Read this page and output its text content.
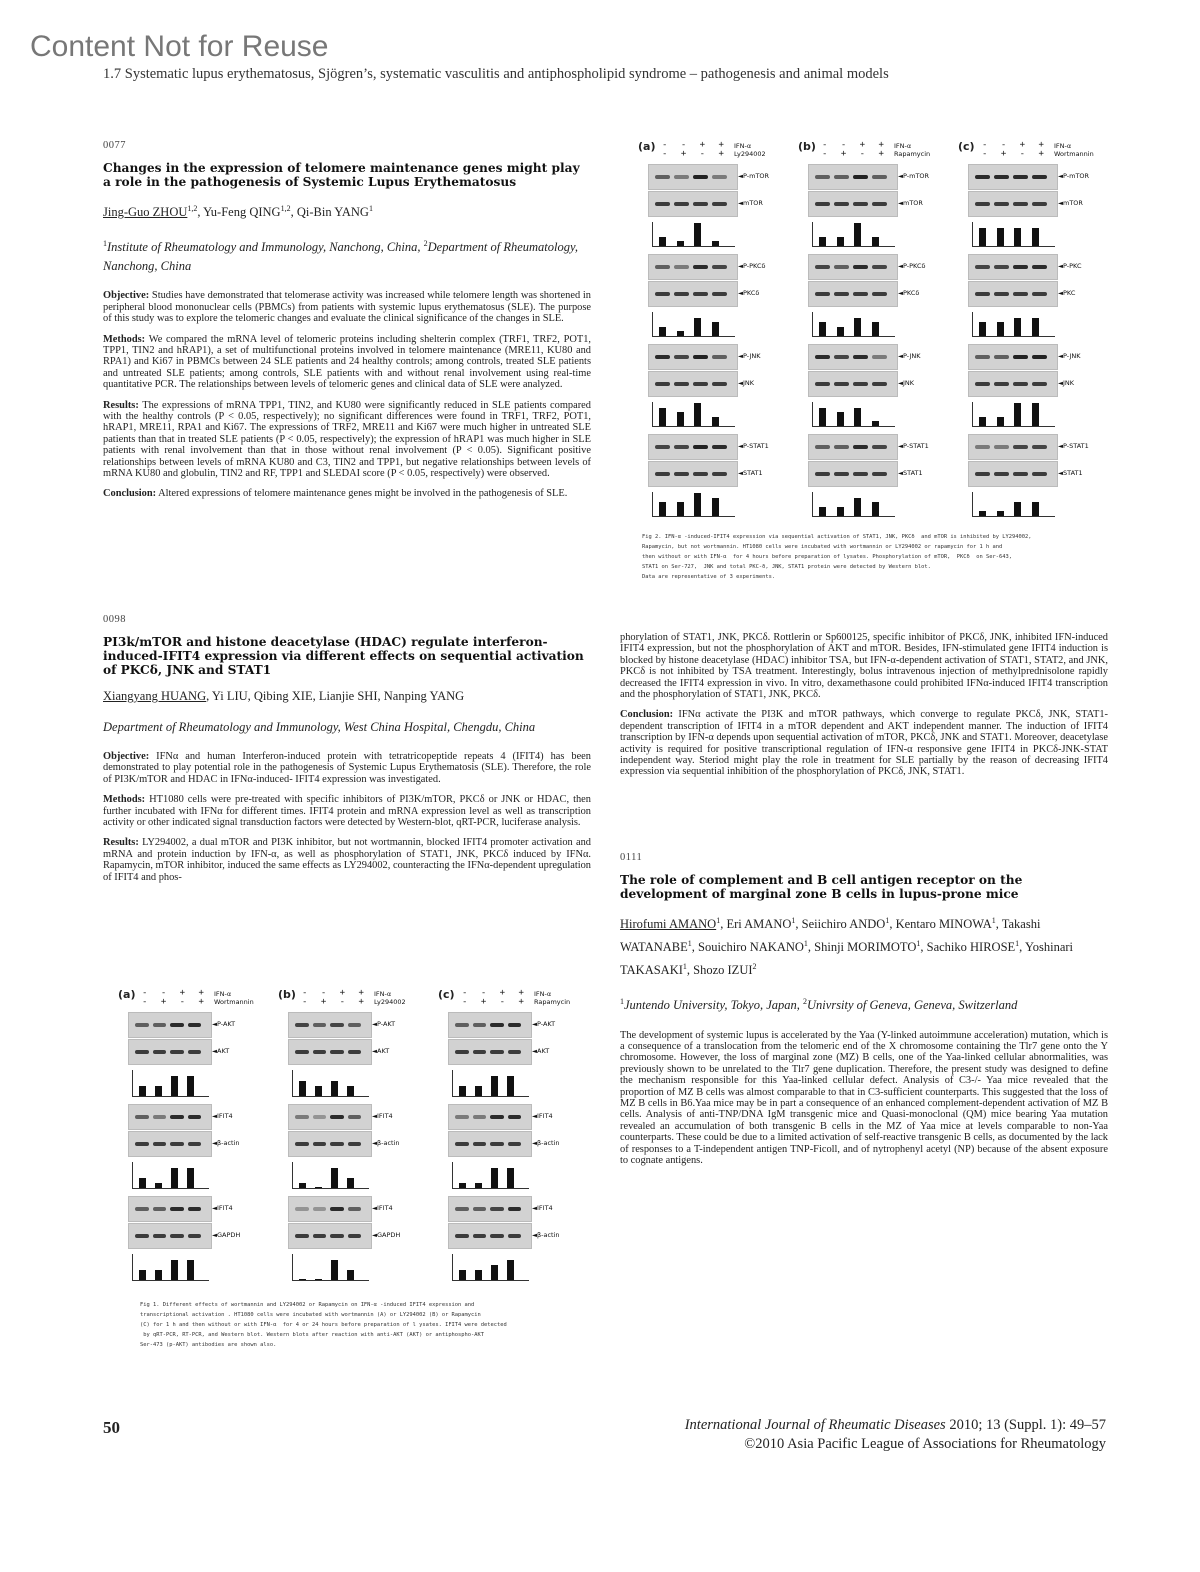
Content Not for Reuse
1.7 Systematic lupus erythematosus, Sjögren’s, systematic vasculitis and antiphospholipid syndrome – pathogenesis and animal models
0077
Changes in the expression of telomere maintenance genes might play a role in the pathogenesis of Systemic Lupus Erythematosus
Jing-Guo ZHOU$^{1,2}$, Yu-Feng QING$^{1,2}$, Qi-Bin YANG$^1$
$^1$Institute of Rheumatology and Immunology, Nanchong, China, $^2$Department of Rheumatology, Nanchong, China

Objective: Studies have demonstrated that telomerase activity was increased while telomere length was shortened in peripheral blood mononuclear cells (PBMCs) from patients with systemic lupus erythematosus (SLE). The purpose of this study was to explore the telomeric changes and evaluate the clinical significance of the changes in SLE.

Methods: We compared the mRNA level of telomeric proteins including shelterin complex (TRF1, TRF2, POT1, TPP1, TIN2 and hRAP1), a set of multifunctional proteins involved in telomere maintenance (MRE11, KU80 and RPA1) and Ki67 in PBMCs between 24 SLE patients and 24 healthy controls; among controls, treated SLE patients and untreated SLE patients; among controls, SLE patients with and without renal involvement using real-time quantitative PCR. The relationships between levels of telomeric genes and clinical data of SLE were analyzed.

Results: The expressions of mRNA TPP1, TIN2, and KU80 were significantly reduced in SLE patients compared with the healthy controls (P < 0.05, respectively); no significant differences were found in TRF1, TRF2, POT1, hRAP1, MRE11, RPA1 and Ki67. The expressions of TRF2, MRE11 and Ki67 were much higher in untreated SLE patients than that in treated SLE patients (P < 0.05, respectively); the expression of hRAP1 was much higher in SLE patients with renal involvement than that in those without renal involvement (P < 0.05). Significant positive relationships between levels of mRNA KU80 and C3, TIN2 and TPP1, but negative relationships between levels of mRNA KU80 and globulin, TIN2 and RF, TPP1 and SLEDAI score (P < 0.05, respectively) were observed.

Conclusion: Altered expressions of telomere maintenance genes might be involved in the pathogenesis of SLE.

0098
PI3k/mTOR and histone deacetylase (HDAC) regulate interferon-induced-IFIT4 expression via different effects on sequential activation of PKCδ, JNK and STAT1
Xiangyang HUANG, Yi LIU, Qibing XIE, Lianjie SHI, Nanping YANG
Department of Rheumatology and Immunology, West China Hospital, Chengdu, China

Objective: IFNα and human Interferon-induced protein with tetratricopeptide repeats 4 (IFIT4) has been demonstrated to play potential role in the pathogenesis of Systemic Lupus Erythematosis (SLE). Therefore, the role of PI3K/mTOR and HDAC in IFNα-induced- IFIT4 expression was investigated.

Methods: HT1080 cells were pre-treated with specific inhibitors of PI3K/mTOR, PKCδ or JNK or HDAC, then further incubated with IFNα for different times. IFIT4 protein and mRNA expression level as well as transcription activity or other indicated signal transduction factors were detected by Western-blot, qRT-PCR, luciferase analysis.

Results: LY294002, a dual mTOR and PI3K inhibitor, but not wortmannin, blocked IFIT4 promoter activation and mRNA and protein induction by IFN-α, as well as phosphorylation of STAT1, JNK, PKCδ induced by IFNα. Rapamycin, mTOR inhibitor, induced the same effects as LY294002, counteracting the IFNα-dependent upregulation of IFIT4 and phos-

phorylation of STAT1, JNK, PKCδ. Rottlerin or Sp600125, specific inhibitor of PKCδ, JNK, inhibited IFN-induced IFIT4 expression, but not the phosphorylation of AKT and mTOR. Besides, IFN-stimulated gene IFIT4 induction is blocked by histone deacetylase (HDAC) inhibitor TSA, but IFN-α-dependent activation of STAT1, STAT2, and JNK, PKCδ is not inhibited by TSA treatment. Interestingly, bolus intravenous injection of methylprednisolone rapidly decreased the IFIT4 expression in vivo. In vitro, dexamethasone could prohibited IFNα-induced IFIT4 transcription and the phosphorylation of STAT1, JNK, PKCδ.

Conclusion: IFNα activate the PI3K and mTOR pathways, which converge to regulate PKCδ, JNK, STAT1-dependent transcription of IFIT4 in a mTOR dependent and AKT independent manner. The induction of IFIT4 transcription by IFN-α depends upon sequential activation of mTOR, PKCδ, JNK and STAT1. Moreover, deacetylase activity is required for positive transcriptional regulation of IFN-α responsive gene IFIT4 in PKCδ-JNK-STAT independent way. Steriod might play the role in treatment for SLE partially by the reason of decreasing IFIT4 expression via sequential inhibition of the phosphorylation of PKCδ, JNK, STAT1.

0111
The role of complement and B cell antigen receptor on the development of marginal zone B cells in lupus-prone mice
Hirofumi AMANO$^1$, Eri AMANO$^1$, Seiichiro ANDO$^1$, Kentaro MINOWA$^1$, Takashi WATANABE$^1$, Souichiro NAKANO$^1$, Shinji MORIMOTO$^1$, Sachiko HIROSE$^1$, Yoshinari TAKASAKI$^1$, Shozo IZUI$^2$
$^1$Juntendo University, Tokyo, Japan, $^2$Univrsity of Geneva, Geneva, Switzerland

The development of systemic lupus is accelerated by the Yaa (Y-linked autoimmune acceleration) mutation, which is a consequence of a translocation from the telomeric end of the X chromosome containing the Tlr7 gene onto the Y chromosome. However, the loss of marginal zone (MZ) B cells, one of the Yaa-linked cellular abnormalities, was previously shown to be unrelated to the Tlr7 gene duplication. Therefore, the present study was designed to define the mechanism responsible for this Yaa-linked cellular defect. Analysis of C3-/- Yaa mice revealed that the proportion of MZ B cells was almost comparable to that in C3-sufficient counterparts. This suggested that the loss of MZ B cells in B6.Yaa mice may be in part a consequence of an enhanced complement-dependent activation of MZ B cells. Analysis of anti-TNP/DNA IgM transgenic mice and Quasi-monoclonal (QM) mice bearing Yaa mutation revealed an accumulation of both transgenic B cells in the MZ of Yaa mice at levels comparable to non-Yaa counterparts. These could be due to a limited activation of self-reactive transgenic B cells, as documented by the lack of responses to a T-independent antigen TNP-Ficoll, and of nytrophenyl acetyl (NP) because of the absent exposure to cognate antigens.

(a) - - + +
- + - +
IFN-α
Ly294002
◄P-mTOR
◄mTOR
◄P-PKCδ
◄PKCδ
◄P-JNK
◄JNK
◄P-STAT1
◄STAT1
(b) - - + +
- + - +
IFN-α
Rapamycin
◄P-mTOR
◄mTOR
◄P-PKCδ
◄PKCδ
◄P-JNK
◄JNK
◄P-STAT1
◄STAT1
(c) - - + +
- + - +
IFN-α
Wortmannin
◄P-mTOR
◄mTOR
◄P-PKC
◄PKC
◄P-JNK
◄JNK
◄P-STAT1
◄STAT1
Fig 2. IFN-α -induced-IFIT4 expression via sequential activation of STAT1, JNK, PKCδ  and mTOR is inhibited by LY294002,
Rapamycin, but not wortmannin. HT1080 cells were incubated with wortmannin or LY294002 or rapamycin for 1 h and
then without or with IFN-α  for 4 hours before preparation of lysates. Phosphorylation of mTOR,  PKCδ  on Ser-643,
STAT1 on Ser-727,  JNK and total PKC-δ, JNK, STAT1 protein were detected by Western blot.
Data are representative of 3 experiments.
(a) - - + +
- + - +
IFN-α
Wortmannin
◄P-AKT
◄AKT
◄IFIT4
◄β-actin
◄IFIT4
◄GAPDH
(b) - - + +
- + - +
IFN-α
Ly294002
◄P-AKT
◄AKT
◄IFIT4
◄β-actin
◄IFIT4
◄GAPDH
(c) - - + +
- + - +
IFN-α
Rapamycin
◄P-AKT
◄AKT
◄IFIT4
◄β-actin
◄IFIT4
◄β-actin
Fig 1. Different effects of wortmannin and LY294002 or Rapamycin on IFN-α -induced IFIT4 expression and
transcriptional activation . HT1080 cells were incubated with wortmannin (A) or LY294002 (B) or Rapamycin
(C) for 1 h and then without or with IFN-α  for 4 or 24 hours before preparation of l ysates. IFIT4 were detected
by qRT-PCR, RT-PCR, and Western blot. Western blots after reaction with anti-AKT (AKT) or antiphospho-AKT
Ser-473 (p-AKT) antibodies are shown also.
50	International Journal of Rheumatic Diseases 2010; 13 (Suppl. 1): 49–57
©2010 Asia Pacific League of Associations for Rheumatology
